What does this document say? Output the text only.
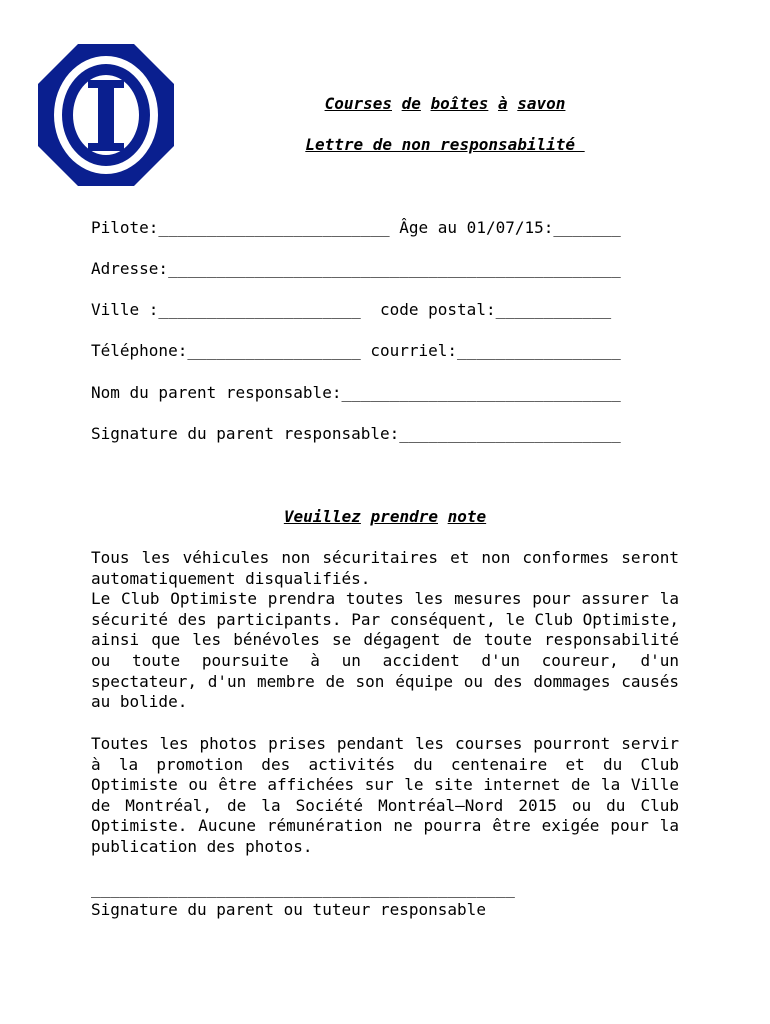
Courses de boîtes à savon
Lettre de non responsabilité
Pilote:________________________ Âge au 01/07/15:_______
Adresse:_______________________________________________
Ville :_____________________  code postal:____________
Téléphone:__________________ courriel:_________________
Nom du parent responsable:_____________________________
Signature du parent responsable:_______________________
Veuillez prendre note

Tous les véhicules non sécuritaires et non conformes seront automatiquement disqualifiés.

Le Club Optimiste prendra toutes les mesures pour assurer la sécurité des participants. Par conséquent, le Club Optimiste, ainsi que les bénévoles se dégagent de toute responsabilité ou toute poursuite à un accident d'un coureur, d'un spectateur, d'un membre de son équipe ou des dommages causés au bolide.

Toutes les photos prises pendant les courses pourront servir à la promotion des activités du centenaire et du Club Optimiste ou être affichées sur le site internet de la Ville de Montréal, de la Société Montréal–Nord 2015 ou du Club Optimiste. Aucune rémunération ne pourra être exigée pour la publication des photos.

____________________________________________
Signature du parent ou tuteur responsable
